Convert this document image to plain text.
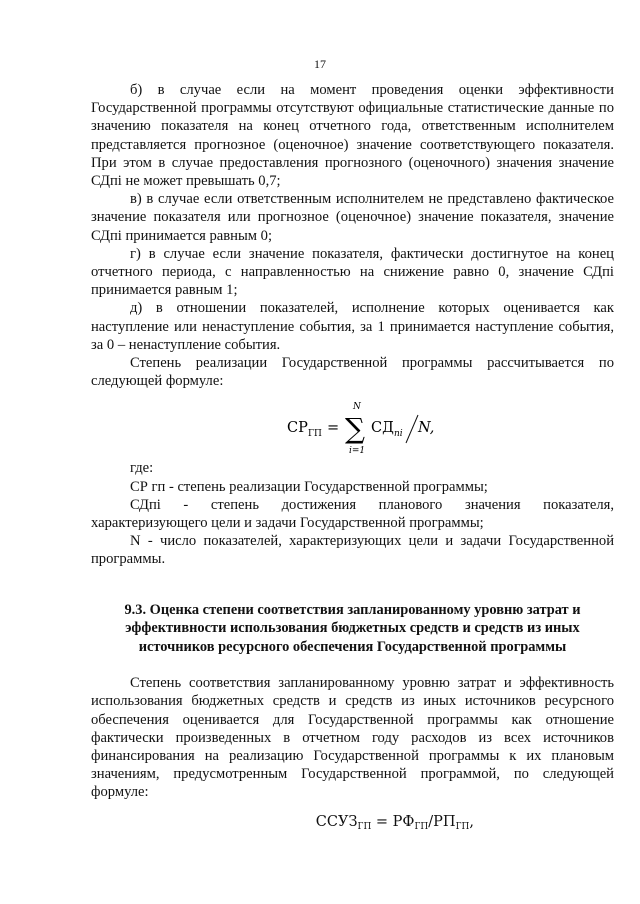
17

б) в случае если на момент проведения оценки эффективности Государственной программы отсутствуют официальные статистические данные по значению показателя на конец отчетного года, ответственным исполнителем представляется прогнозное (оценочное) значение соответствующего показателя. При этом в случае предоставления прогнозного (оценочного) значения значение СДпі не может превышать 0,7;

в) в случае если ответственным исполнителем не представлено фактическое значение показателя или прогнозное (оценочное) значение показателя, значение СДпі принимается равным 0;

г) в случае если значение показателя, фактически достигнутое на конец отчетного периода, с направленностью на снижение равно 0, значение СДпі принимается равным 1;

д) в отношении показателей, исполнение которых оценивается как наступление или ненаступление события, за 1 принимается наступление события, за 0 – ненаступление события.

Степень реализации Государственной программы рассчитывается по следующей формуле:

СР ГП = ∑
N
i=1
СД пі N,

где:

СР гп - степень реализации Государственной программы;

СДпі - степень достижения планового значения показателя, характеризующего цели и задачи Государственной программы;

N - число показателей, характеризующих цели и задачи Государственной программы.

9.3. Оценка степени соответствия запланированному уровню затрат и эффективности использования бюджетных средств и средств из иных источников ресурсного обеспечения Государственной программы

Степень соответствия запланированному уровню затрат и эффективность использования бюджетных средств и средств из иных источников ресурсного обеспечения оценивается для Государственной программы как отношение фактически произведенных в отчетном году расходов из всех источников финансирования на реализацию Государственной программы к их плановым значениям, предусмотренным Государственной программой, по следующей формуле:

$ССУЗ_{ГП} = РФ_{ГП}/РП_{ГП}$,
